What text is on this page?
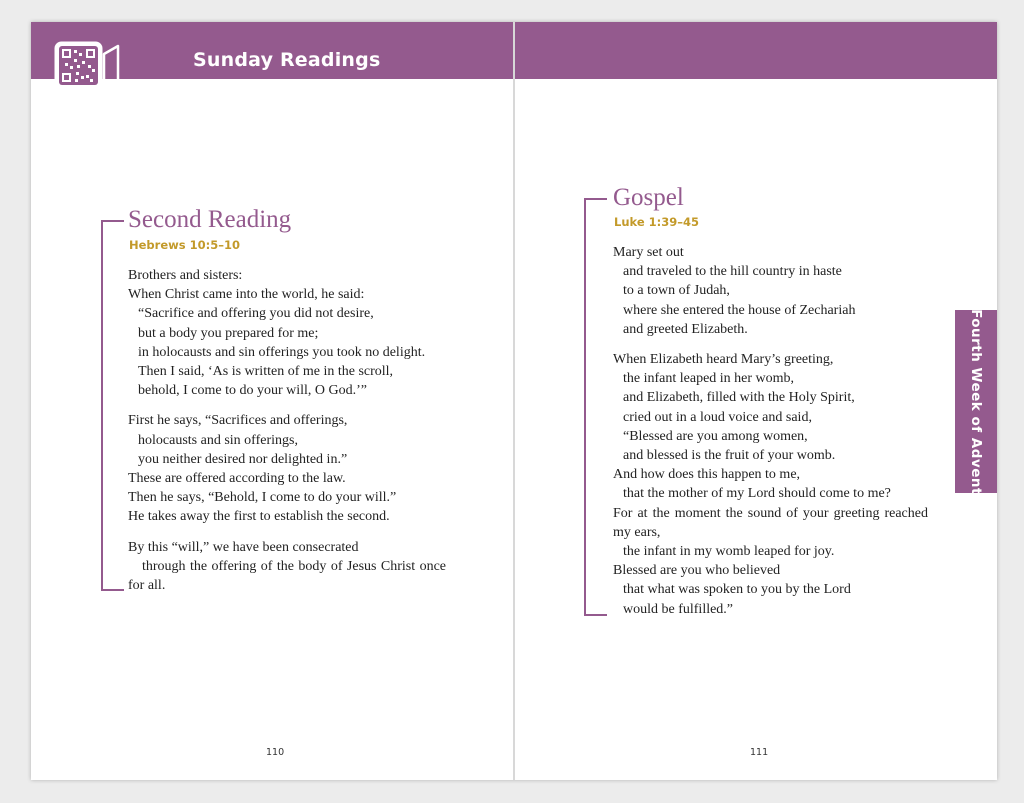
Sunday Readings
Fourth Week of Advent
Second Reading
Hebrews 10:5–10
Brothers and sisters:
When Christ came into the world, he said:
“Sacrifice and offering you did not desire,
but a body you prepared for me;
in holocausts and sin offerings you took no delight.
Then I said, ‘As is written of me in the scroll,
behold, I come to do your will, O God.’”
First he says, “Sacrifices and offerings,
holocausts and sin offerings,
you neither desired nor delighted in.”
These are offered according to the law.
Then he says, “Behold, I come to do your will.”
He takes away the first to establish the second.
By this “will,” we have been consecrated
through the offering of the body of Jesus Christ once
for all.
110
Gospel
Luke 1:39–45
Mary set out
and traveled to the hill country in haste
to a town of Judah,
where she entered the house of Zechariah
and greeted Elizabeth.
When Elizabeth heard Mary’s greeting,
the infant leaped in her womb,
and Elizabeth, filled with the Holy Spirit,
cried out in a loud voice and said,
“Blessed are you among women,
and blessed is the fruit of your womb.
And how does this happen to me,
that the mother of my Lord should come to me?
For at the moment the sound of your greeting reached
my ears,
the infant in my womb leaped for joy.
Blessed are you who believed
that what was spoken to you by the Lord
would be fulfilled.”
111
